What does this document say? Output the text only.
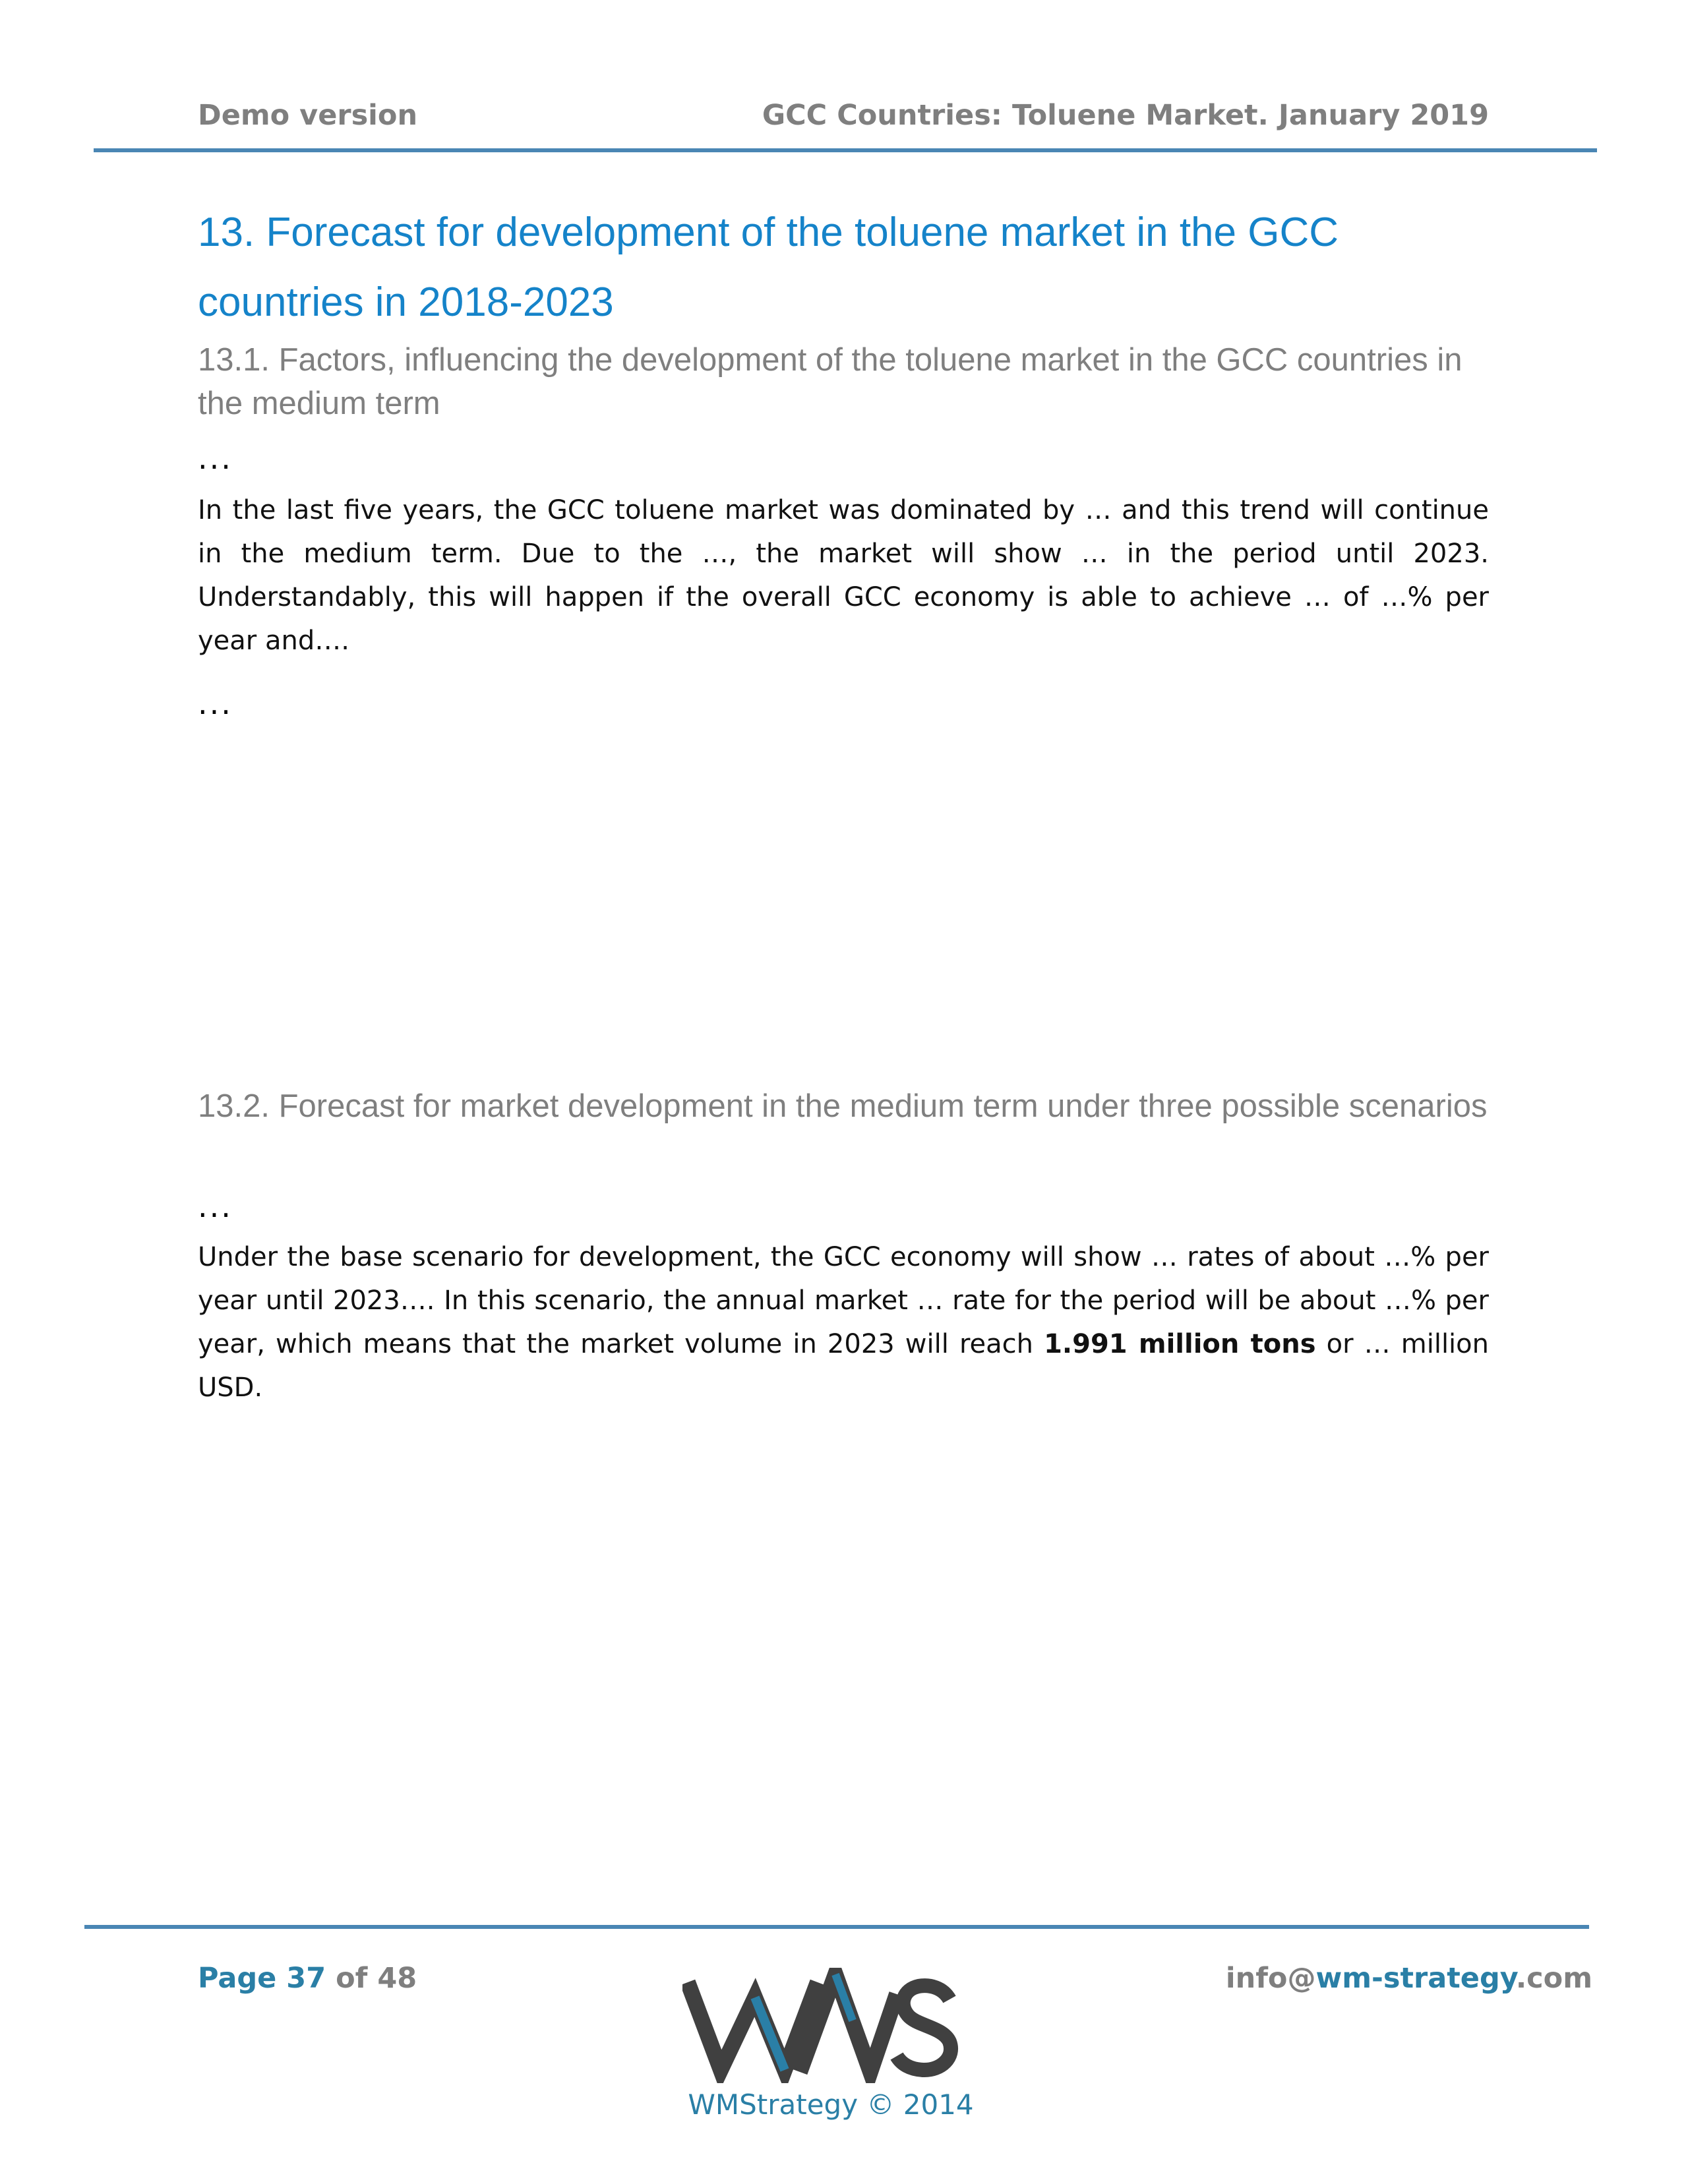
Demo version	GCC Countries: Toluene Market. January 2019
13. Forecast for development of the toluene market in the GCC countries in 2018-2023
13.1. Factors, influencing the development of the toluene market in the GCC countries in the medium term
...

In the last five years, the GCC toluene market was dominated by … and this trend will continue in the medium term. Due to the …, the market will show … in the period until 2023. Understandably, this will happen if the overall GCC economy is able to achieve … of …% per year and….

...
13.2. Forecast for market development in the medium term under three possible scenarios
...

Under the base scenario for development, the GCC economy will show … rates of about …% per year until 2023…. In this scenario, the annual market … rate for the period will be about …% per year, which means that the market volume in 2023 will reach 1.991 million tons or … million USD.

Page 37 of 48	info@wm-strategy.com
WMStrategy © 2014
